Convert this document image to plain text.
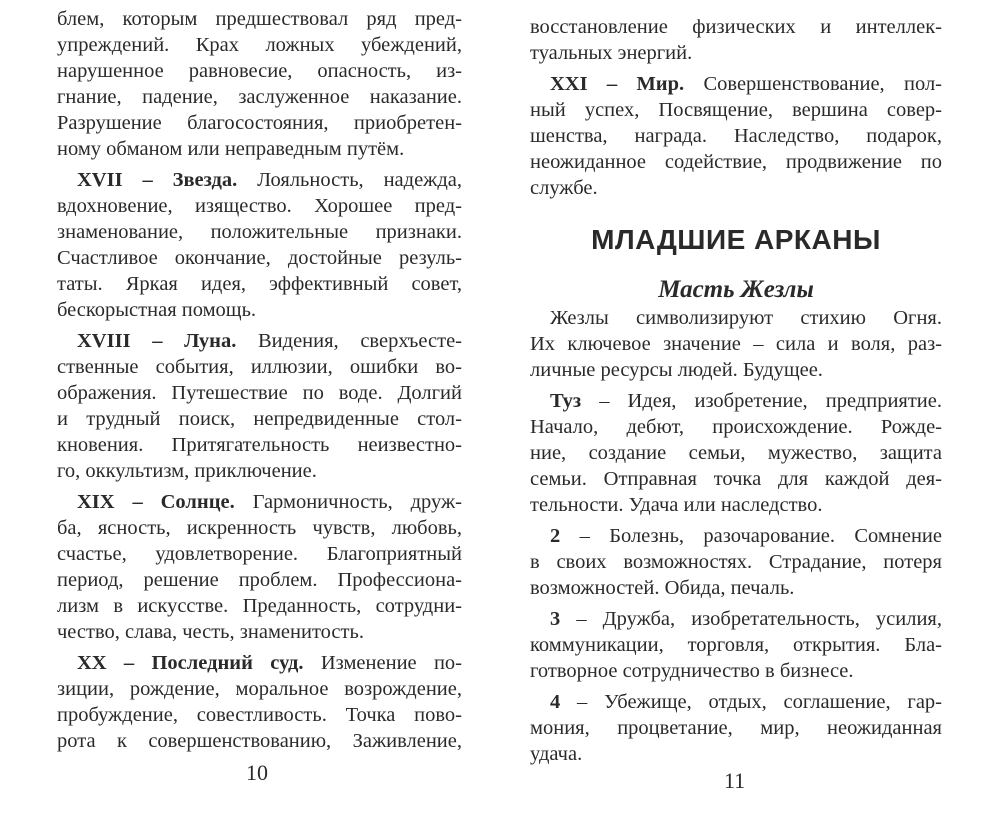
блем, которым предшествовал ряд пред-
упреждений. Крах ложных убеждений,
нарушенное равновесие, опасность, из-
гнание, падение, заслуженное наказание.
Разрушение благосостояния, приобретен-
ному обманом или неправедным путём.
XVII – Звезда. Лояльность, надежда,
вдохновение, изящество. Хорошее пред-
знаменование, положительные признаки.
Счастливое окончание, достойные резуль-
таты. Яркая идея, эффективный совет,
бескорыстная помощь.
XVIII – Луна. Видения, сверхъесте-
ственные события, иллюзии, ошибки во-
ображения. Путешествие по воде. Долгий
и трудный поиск, непредвиденные стол-
кновения. Притягательность неизвестно-
го, оккультизм, приключение.
XIX – Солнце. Гармоничность, друж-
ба, ясность, искренность чувств, любовь,
счастье, удовлетворение. Благоприятный
период, решение проблем. Профессиона-
лизм в искусстве. Преданность, сотрудни-
чество, слава, честь, знаменитость.
XX – Последний суд. Изменение по-
зиции, рождение, моральное возрождение,
пробуждение, совестливость. Точка пово-
рота к совершенствованию, Заживление,
10
восстановление физических и интеллек-
туальных энергий.
XXI – Мир. Совершенствование, пол-
ный успех, Посвящение, вершина совер-
шенства, награда. Наследство, подарок,
неожиданное содействие, продвижение по
службе.
МЛАДШИЕ АРКАНЫ
Масть Жезлы
Жезлы символизируют стихию Огня.
Их ключевое значение – сила и воля, раз-
личные ресурсы людей. Будущее.
Туз – Идея, изобретение, предприятие.
Начало, дебют, происхождение. Рожде-
ние, создание семьи, мужество, защита
семьи. Отправная точка для каждой дея-
тельности. Удача или наследство.
2 – Болезнь, разочарование. Сомнение
в своих возможностях. Страдание, потеря
возможностей. Обида, печаль.
3 – Дружба, изобретательность, усилия,
коммуникации, торговля, открытия. Бла-
готворное сотрудничество в бизнесе.
4 – Убежище, отдых, соглашение, гар-
мония, процветание, мир, неожиданная
удача.
11
